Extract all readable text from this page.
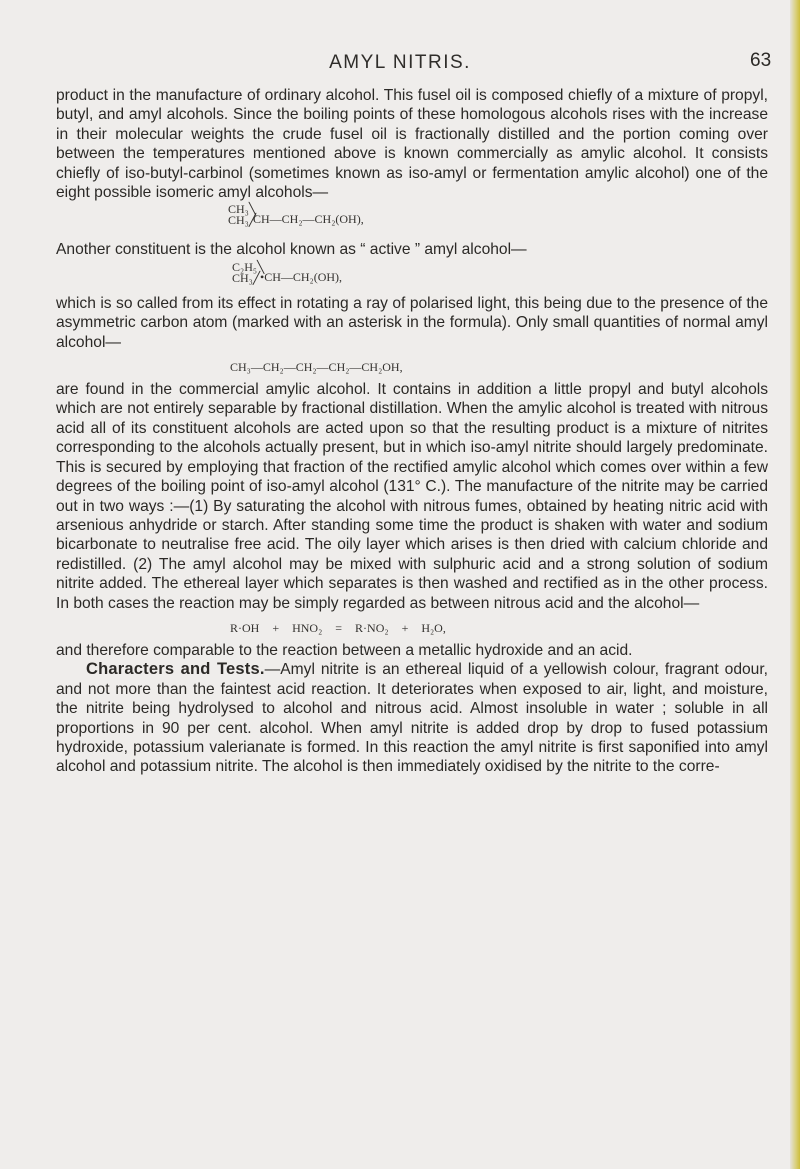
AMYL NITRIS.	63

product in the manufacture of ordinary alcohol. This fusel oil is composed chiefly of a mixture of propyl, butyl, and amyl alcohols. Since the boiling points of these homologous alcohols rises with the increase in their molecular weights the crude fusel oil is fractionally distilled and the portion coming over between the temperatures mentioned above is known commercially as amylic alcohol. It consists chiefly of iso-butyl-carbinol (sometimes known as iso-amyl or fermentation amylic alcohol) one of the eight possible isomeric amyl alcohols—

CH₃╲
CH₃╱
CH—CH₂—CH₂(OH),

Another constituent is the alcohol known as “ active ” amyl alcohol—

C₂H₅╲
CH₃╱ •CH—CH₂(OH),

which is so called from its effect in rotating a ray of polarised light, this being due to the presence of the asymmetric carbon atom (marked with an asterisk in the formula). Only small quantities of normal amyl alcohol—

CH₃—CH₂—CH₂—CH₂—CH₂OH,

are found in the commercial amylic alcohol. It contains in addition a little propyl and butyl alcohols which are not entirely separable by fractional distillation. When the amylic alcohol is treated with nitrous acid all of its constituent alcohols are acted upon so that the resulting product is a mixture of nitrites corresponding to the alcohols actually present, but in which iso-amyl nitrite should largely predominate. This is secured by employing that fraction of the rectified amylic alcohol which comes over within a few degrees of the boiling point of iso-amyl alcohol (131° C.). The manufacture of the nitrite may be carried out in two ways :—(1) By saturating the alcohol with nitrous fumes, obtained by heating nitric acid with arsenious anhydride or starch. After standing some time the product is shaken with water and sodium bicarbonate to neutralise free acid. The oily layer which arises is then dried with calcium chloride and redistilled. (2) The amyl alcohol may be mixed with sulphuric acid and a strong solution of sodium nitrite added. The ethereal layer which separates is then washed and rectified as in the other process. In both cases the reaction may be simply regarded as between nitrous acid and the alcohol—

R·OH + HNO₂ = R·NO₂ + H₂O,

and therefore comparable to the reaction between a metallic hydroxide and an acid.

Characters and Tests.—Amyl nitrite is an ethereal liquid of a yellowish colour, fragrant odour, and not more than the faintest acid reaction. It deteriorates when exposed to air, light, and moisture, the nitrite being hydrolysed to alcohol and nitrous acid. Almost insoluble in water ; soluble in all proportions in 90 per cent. alcohol. When amyl nitrite is added drop by drop to fused potassium hydroxide, potassium valerianate is formed. In this reaction the amyl nitrite is first saponified into amyl alcohol and potassium nitrite. The alcohol is then immediately oxidised by the nitrite to the corre-
